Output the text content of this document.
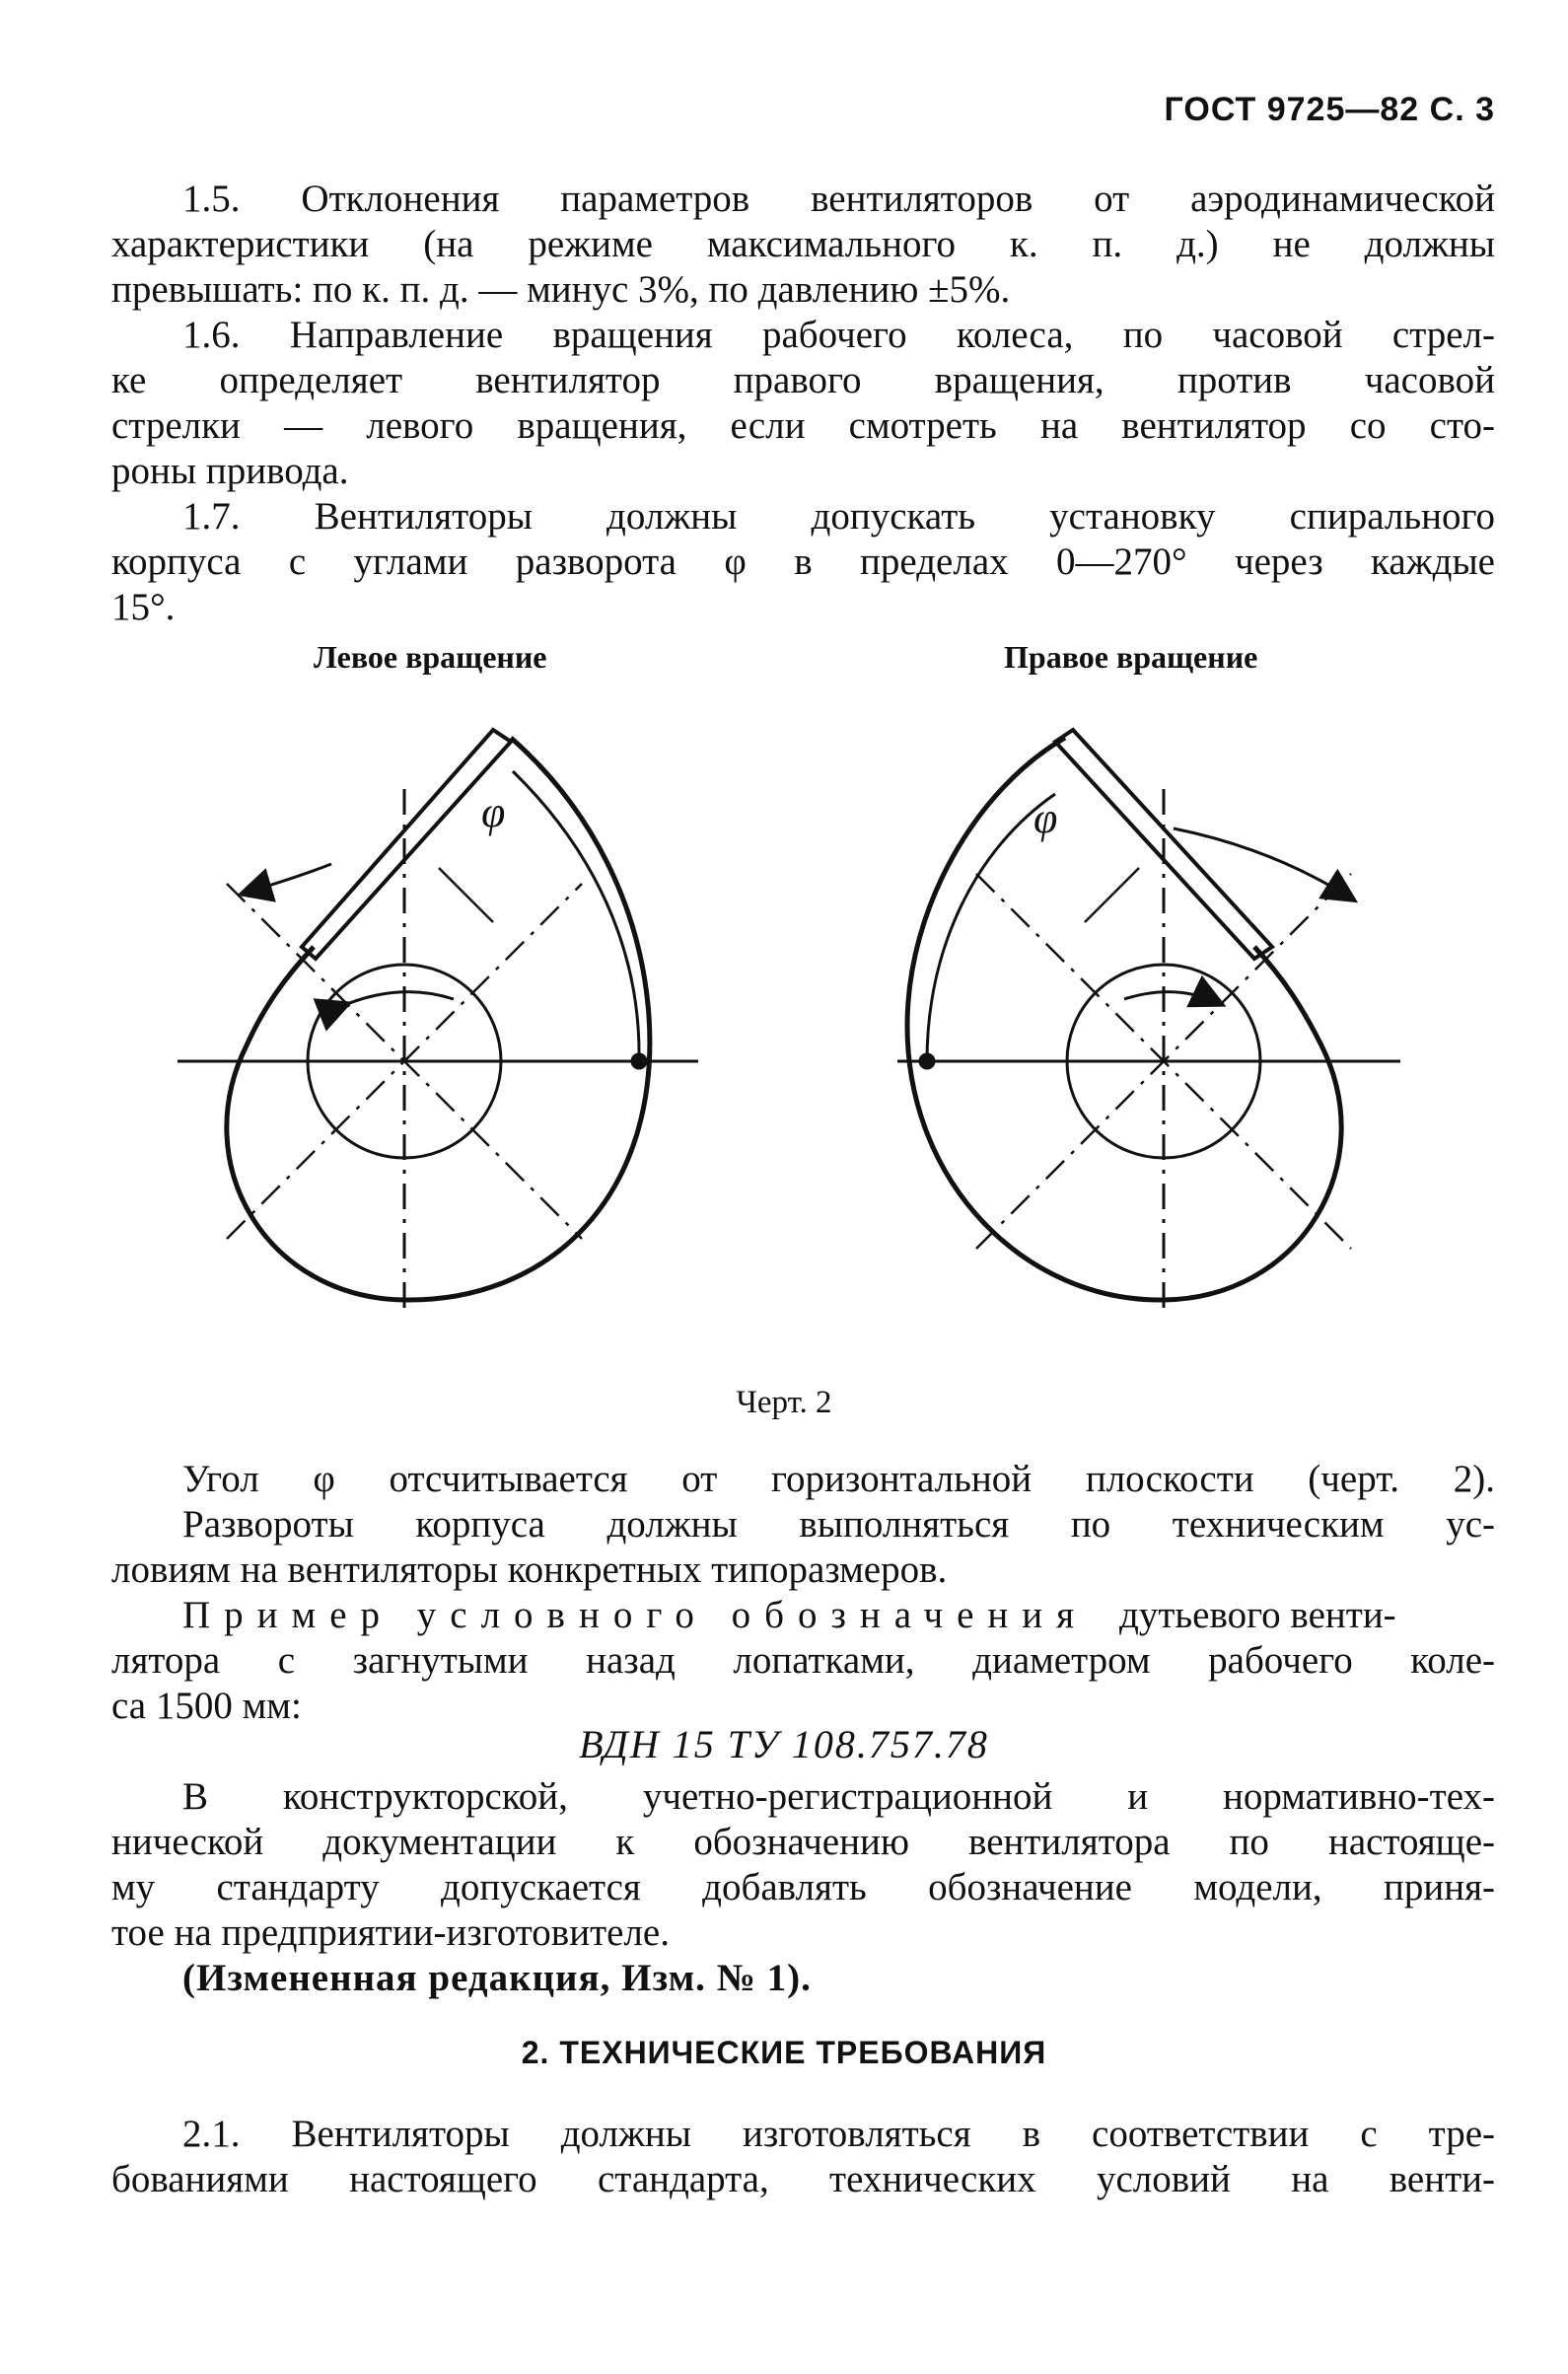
ГОСТ 9725—82 С. 3
1.5. Отклонения параметров вентиляторов от аэродинамической
характеристики (на режиме максимального к. п. д.) не должны
превышать: по к. п. д. — минус 3%, по давлению ±5%.
1.6. Направление вращения рабочего колеса, по часовой стрел-
ке определяет вентилятор правого вращения, против часовой
стрелки — левого вращения, если смотреть на вентилятор со сто-
роны привода.
1.7. Вентиляторы должны допускать установку спирального
корпуса с углами разворота φ в пределах 0—270° через каждые
15°.
Левое вращение	Правое вращение
φ	φ
Черт. 2
Угол φ отсчитывается от горизонтальной плоскости (черт. 2).
Развороты корпуса должны выполняться по техническим ус-
ловиям на вентиляторы конкретных типоразмеров.
Пример условного обозначения дутьевого венти-
лятора с загнутыми назад лопатками, диаметром рабочего коле-
са 1500 мм:
ВДН 15 ТУ 108.757.78
В конструкторской, учетно-регистрационной и нормативно-тех-
нической документации к обозначению вентилятора по настояще-
му стандарту допускается добавлять обозначение модели, приня-
тое на предприятии-изготовителе.
(Измененная редакция, Изм. № 1).
2. ТЕХНИЧЕСКИЕ ТРЕБОВАНИЯ
2.1. Вентиляторы должны изготовляться в соответствии с тре-
бованиями настоящего стандарта, технических условий на венти-
